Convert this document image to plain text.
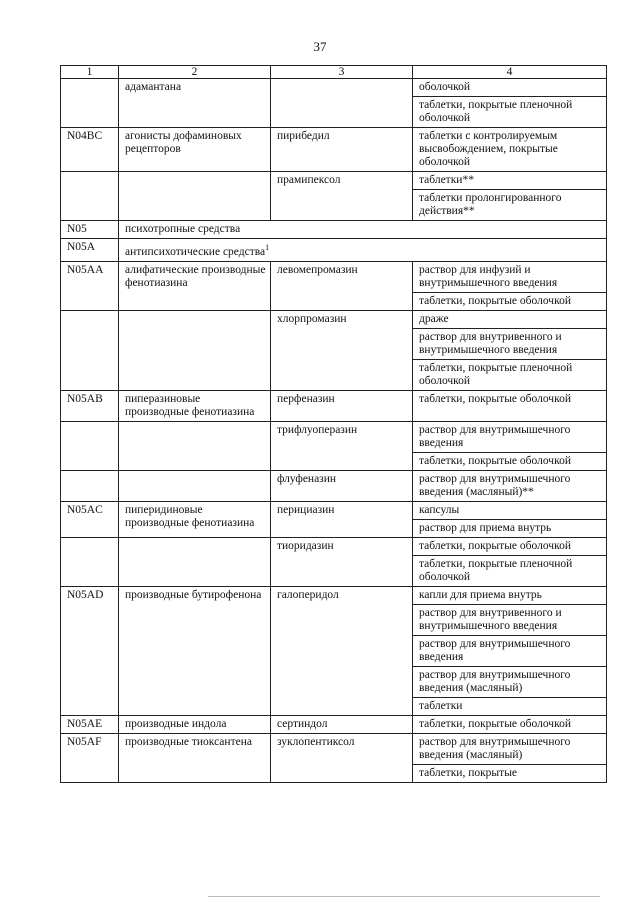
37
1	2	3	4
	адамантана		оболочкой
			таблетки, покрытые пленочной оболочкой
N04BC	агонисты дофаминовых рецепторов	пирибедил	таблетки с контролируемым высвобождением, покрытые оболочкой
		прамипексол	таблетки**
			таблетки пролонгированного действия**
N05	психотропные средства		
N05A	антипсихотические средства$^1$
N05AA	алифатические производные фенотиазина	левомепромазин	раствор для инфузий и внутримышечного введения
			таблетки, покрытые оболочкой
		хлорпромазин	драже
			раствор для внутривенного и внутримышечного введения
			таблетки, покрытые пленочной оболочкой
N05AB	пиперазиновые производные фенотиазина	перфеназин	таблетки, покрытые оболочкой
		трифлуоперазин	раствор для внутримышечного введения
			таблетки, покрытые оболочкой
		флуфеназин	раствор для внутримышечного введения (масляный)**
N05AC	пиперидиновые производные фенотиазина	перициазин	капсулы
			раствор для приема внутрь
		тиоридазин	таблетки, покрытые оболочкой
			таблетки, покрытые пленочной оболочкой
N05AD	производные бутирофенона	галоперидол	капли для приема внутрь
			раствор для внутривенного и внутримышечного введения
			раствор для внутримышечного введения
			раствор для внутримышечного введения (масляный)
			таблетки
N05AE	производные индола	сертиндол	таблетки, покрытые оболочкой
N05AF	производные тиоксантена	зуклопентиксол	раствор для внутримышечного введения (масляный)
			таблетки, покрытые
